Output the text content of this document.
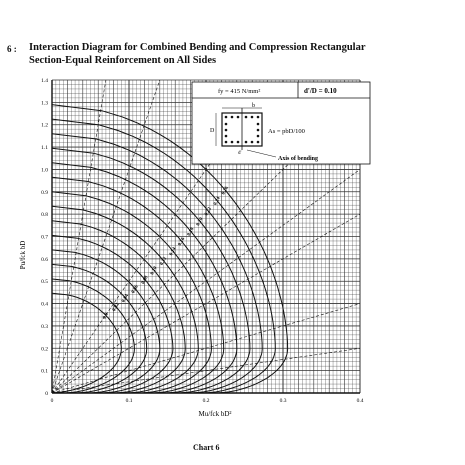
6 : Interaction Diagram for Combined Bending and Compression Rectangular
Section-Equal Reinforcement on All Sides
0
0.1
0.2
0.3
0.4
0.5
0.6
0.7
0.8
0.9
1.0
1.1
1.2
1.3
1.4
0	0.1	0.2	0.3	0.4
0.0
0.02
0.04
0.06
0.08
0.10
0.12
0.14
0.16
0.18
0.20
0.22
0.24
0.26
Pu/fck bD
Mu/fck bD²
fy = 415 N/mm²	d'/D = 0.10
b
D
d'
As = pbD/100
Axis of bending
Chart 6
